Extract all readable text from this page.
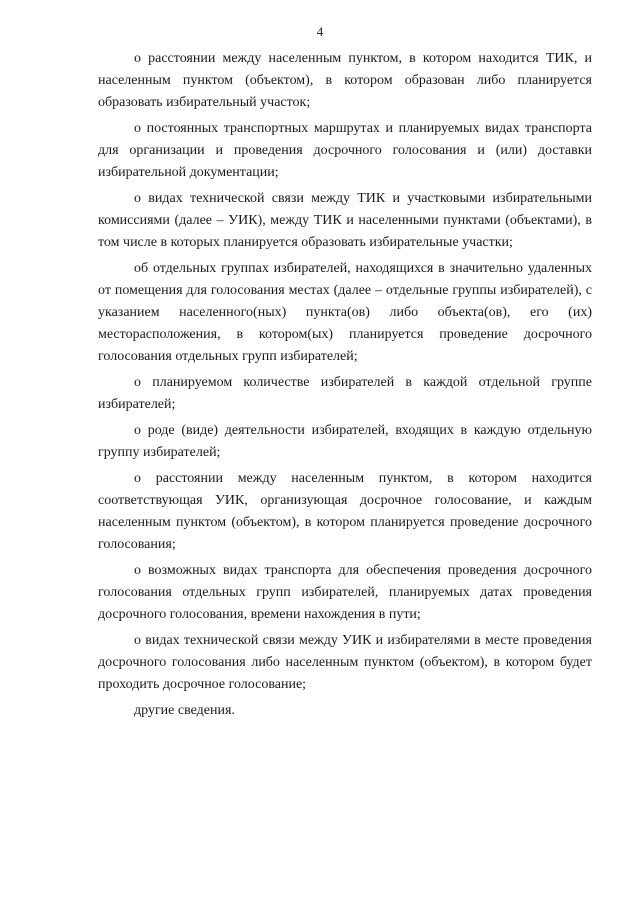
4

о расстоянии между населенным пунктом, в котором находится ТИК, и населенным пунктом (объектом), в котором образован либо планируется образовать избирательный участок;

о постоянных транспортных маршрутах и планируемых видах транспорта для организации и проведения досрочного голосования и (или) доставки избирательной документации;

о видах технической связи между ТИК и участковыми избирательными комиссиями (далее – УИК), между ТИК и населенными пунктами (объектами), в том числе в которых планируется образовать избирательные участки;

об отдельных группах избирателей, находящихся в значительно удаленных от помещения для голосования местах (далее – отдельные группы избирателей), с указанием населенного(ных) пункта(ов) либо объекта(ов), его (их) месторасположения, в котором(ых) планируется проведение досрочного голосования отдельных групп избирателей;

о планируемом количестве избирателей в каждой отдельной группе избирателей;

о роде (виде) деятельности избирателей, входящих в каждую отдельную группу избирателей;

о расстоянии между населенным пунктом, в котором находится соответствующая УИК, организующая досрочное голосование, и каждым населенным пунктом (объектом), в котором планируется проведение досрочного голосования;

о возможных видах транспорта для обеспечения проведения досрочного голосования отдельных групп избирателей, планируемых датах проведения досрочного голосования, времени нахождения в пути;

о видах технической связи между УИК и избирателями в месте проведения досрочного голосования либо населенным пунктом (объектом), в котором будет проходить досрочное голосование;

другие сведения.
